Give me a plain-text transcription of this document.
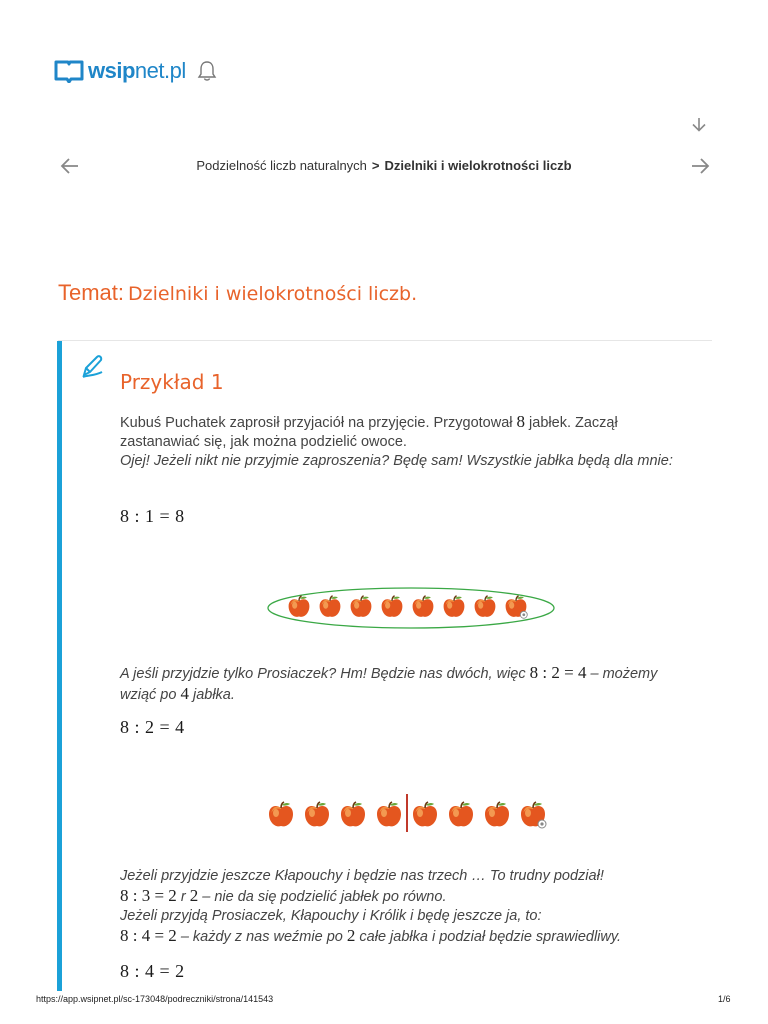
wsipnet.pl
Podzielność liczb naturalnych > Dzielniki i wielokrotności liczb
Temat: Dzielniki i wielokrotności liczb.
Przykład 1
Kubuś Puchatek zaprosił przyjaciół na przyjęcie. Przygotował 8 jabłek. Zaczął zastanawiać się, jak można podzielić owoce.
Ojej! Jeżeli nikt nie przyjmie zaproszenia? Będę sam! Wszystkie jabłka będą dla mnie:
8 : 1 = 8
A jeśli przyjdzie tylko Prosiaczek? Hm! Będzie nas dwóch, więc 8 : 2 = 4 – możemy wziąć po 4 jabłka.
8 : 2 = 4
Jeżeli przyjdzie jeszcze Kłapouchy i będzie nas trzech … To trudny podział!
8 : 3 = 2 r 2 – nie da się podzielić jabłek po równo.
Jeżeli przyjdą Prosiaczek, Kłapouchy i Królik i będę jeszcze ja, to:
8 : 4 = 2 – każdy z nas weźmie po 2 całe jabłka i podział będzie sprawiedliwy.
8 : 4 = 2
https://app.wsipnet.pl/sc-173048/podreczniki/strona/141543	1/6
